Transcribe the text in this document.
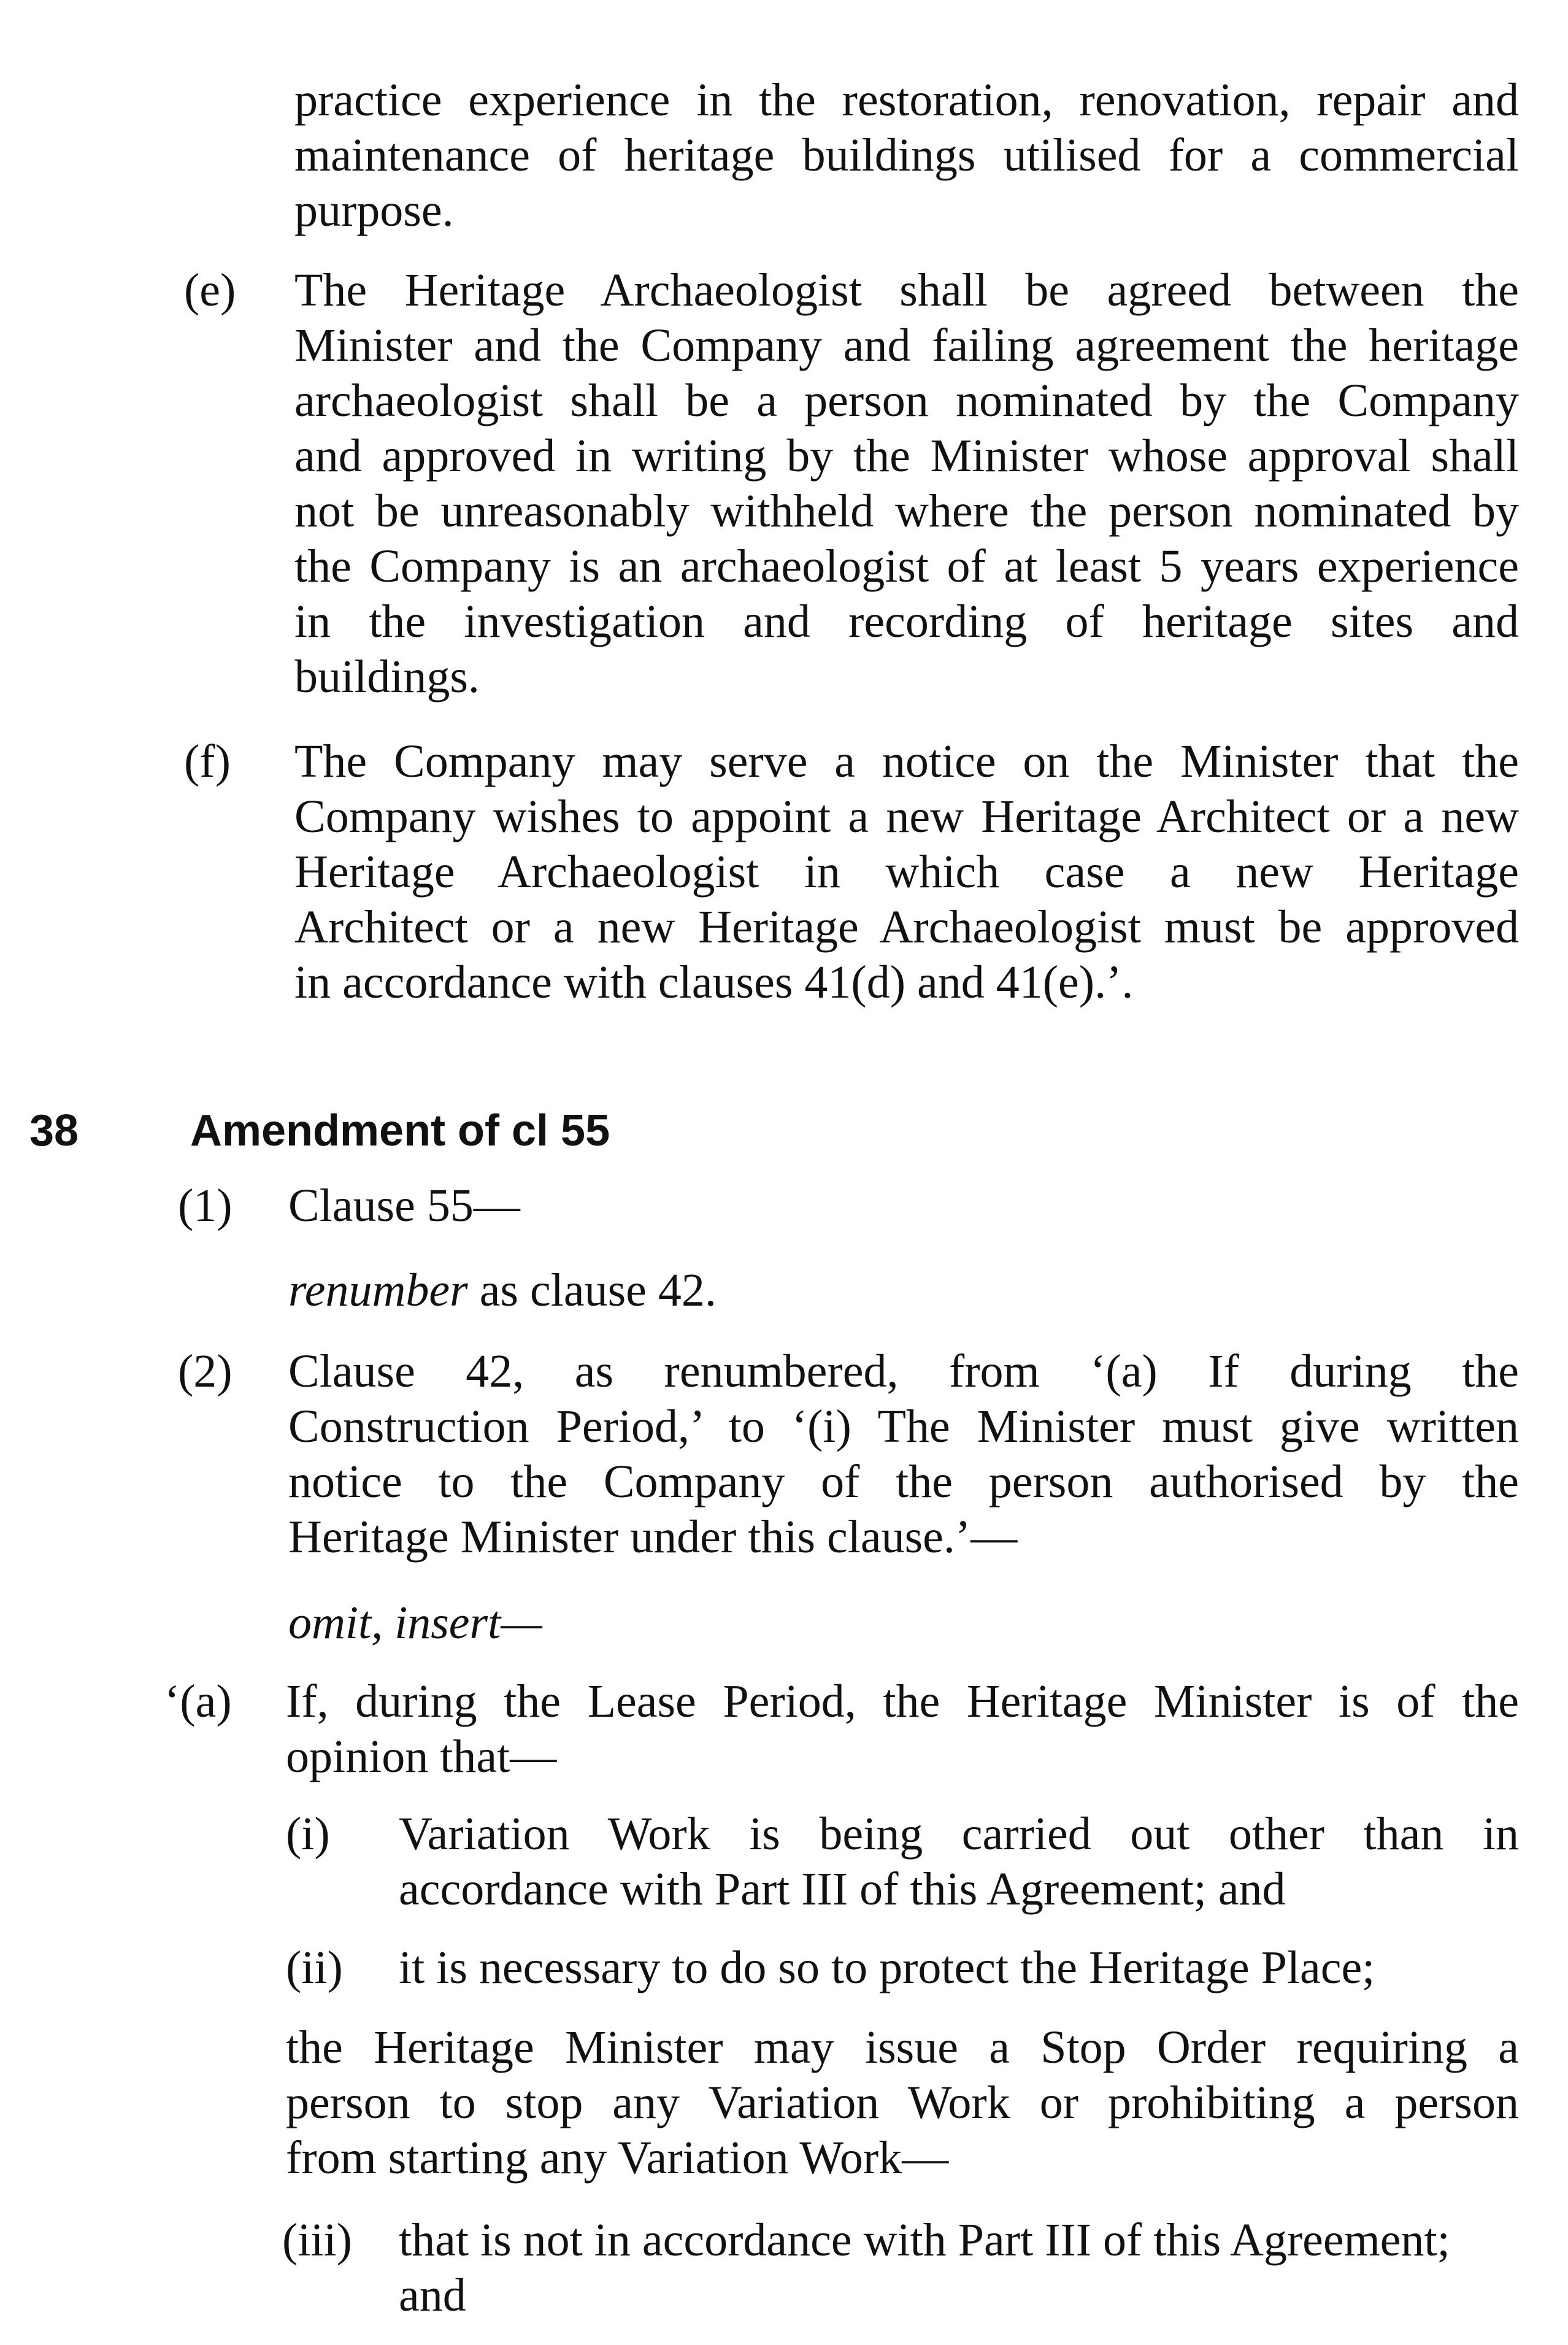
practice experience in the restoration, renovation, repair and
maintenance of heritage buildings utilised for a commercial
purpose.
(e) The Heritage Archaeologist shall be agreed between the
Minister and the Company and failing agreement the heritage
archaeologist shall be a person nominated by the Company
and approved in writing by the Minister whose approval shall
not be unreasonably withheld where the person nominated by
the Company is an archaeologist of at least 5 years experience
in the investigation and recording of heritage sites and
buildings.
(f) The Company may serve a notice on the Minister that the
Company wishes to appoint a new Heritage Architect or a new
Heritage Archaeologist in which case a new Heritage
Architect or a new Heritage Archaeologist must be approved
in accordance with clauses 41(d) and 41(e).’.
38	Amendment of cl 55
(1) Clause 55—
renumber as clause 42.
(2) Clause 42, as renumbered, from ‘(a) If during the
Construction Period,’ to ‘(i) The Minister must give written
notice to the Company of the person authorised by the
Heritage Minister under this clause.’—
omit, insert—
‘(a) If, during the Lease Period, the Heritage Minister is of the
opinion that—
(i) Variation Work is being carried out other than in
accordance with Part III of this Agreement; and
(ii) it is necessary to do so to protect the Heritage Place;
the Heritage Minister may issue a Stop Order requiring a
person to stop any Variation Work or prohibiting a person
from starting any Variation Work—
(iii) that is not in accordance with Part III of this Agreement;
and
